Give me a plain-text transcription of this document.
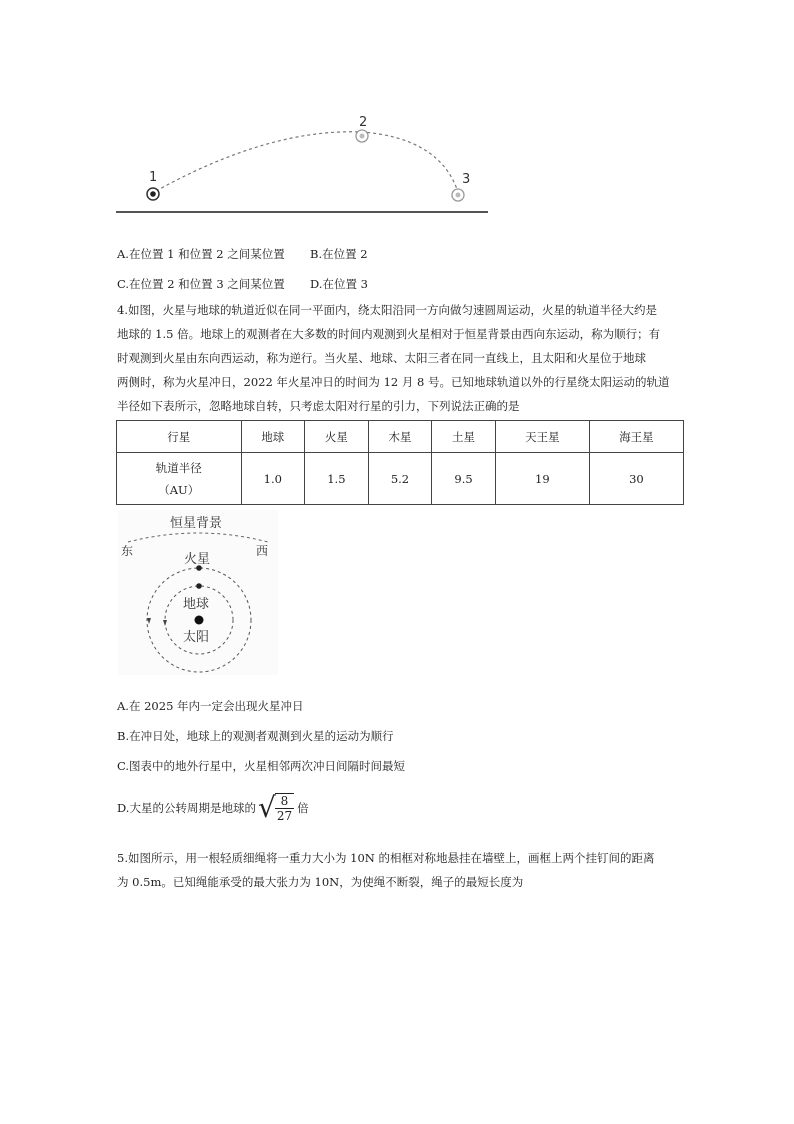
1
2
3
A.在位置 1 和位置 2 之间某位置 B.在位置 2
C.在位置 2 和位置 3 之间某位置 D.在位置 3
4.如图，火星与地球的轨道近似在同一平面内，绕太阳沿同一方向做匀速圆周运动，火星的轨道半径大约是
地球的 1.5 倍。地球上的观测者在大多数的时间内观测到火星相对于恒星背景由西向东运动，称为顺行；有
时观测到火星由东向西运动，称为逆行。当火星、地球、太阳三者在同一直线上，且太阳和火星位于地球
两侧时，称为火星冲日，2022 年火星冲日的时间为 12 月 8 号。已知地球轨道以外的行星绕太阳运动的轨道
半径如下表所示，忽略地球自转，只考虑太阳对行星的引力，下列说法正确的是
行星	地球	火星	木星	土星	天王星	海王星

轨道半径
（AU）	1.0	1.5	5.2	9.5	19	30
恒星背景
东	西
火星
地球
太阳
A.在 2025 年内一定会出现火星冲日
B.在冲日处，地球上的观测者观测到火星的运动为顺行
C.图表中的地外行星中，火星相邻两次冲日间隔时间最短
D.大星的公转周期是地球的 √ $\frac{8}{27}$ 倍
5.如图所示，用一根轻质细绳将一重力大小为 10N 的相框对称地悬挂在墙壁上，画框上两个挂钉间的距离
为 0.5m。已知绳能承受的最大张力为 10N，为使绳不断裂，绳子的最短长度为
